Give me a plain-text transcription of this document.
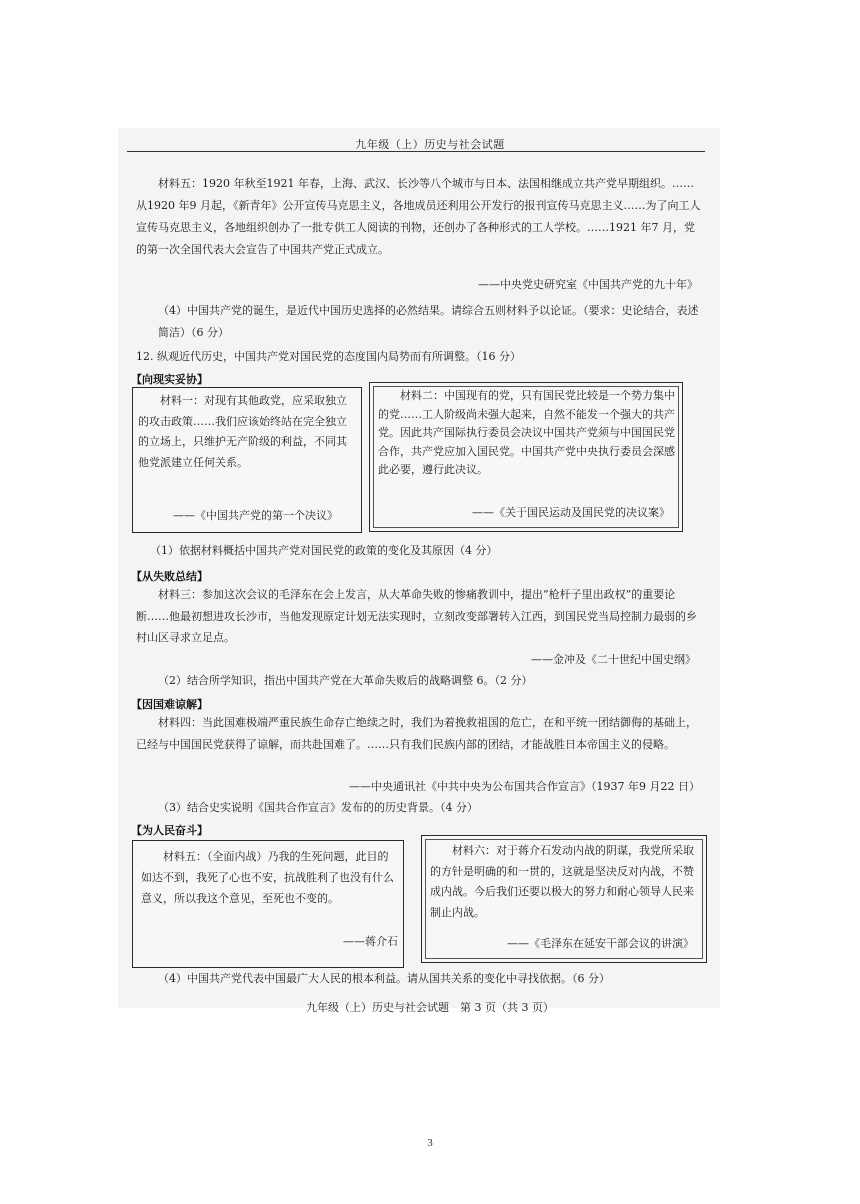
九年级（上）历史与社会试题

材料五：1920 年秋至1921 年春，上海、武汉、长沙等八个城市与日本、法国相继成立共产党早期组织。……从1920 年9 月起，《新青年》公开宣传马克思主义，各地成员还利用公开发行的报刊宣传马克思主义……为了向工人宣传马克思主义，各地组织创办了一批专供工人阅读的刊物，还创办了各种形式的工人学校。……1921 年7 月，党的第一次全国代表大会宣告了中国共产党正式成立。

——中央党史研究室《中国共产党的九十年》

（4）中国共产党的诞生，是近代中国历史选择的必然结果。请综合五则材料予以论证。（要求：史论结合，表述简洁）（6 分）

12. 纵观近代历史，中国共产党对国民党的态度国内局势而有所调整。（16 分）

【向现实妥协】

材料一：对现有其他政党，应采取独立的攻击政策……我们应该始终站在完全独立的立场上，只维护无产阶级的利益，不同其他党派建立任何关系。

——《中国共产党的第一个决议》

材料二：中国现有的党，只有国民党比较是一个势力集中的党……工人阶级尚未强大起来，自然不能发一个强大的共产党。因此共产国际执行委员会决议中国共产党须与中国国民党合作，共产党应加入国民党。中国共产党中央执行委员会深感此必要，遵行此决议。

——《关于国民运动及国民党的决议案》

（1）依据材料概括中国共产党对国民党的政策的变化及其原因（4 分）

【从失败总结】

材料三：参加这次会议的毛泽东在会上发言，从大革命失败的惨痛教训中，提出“枪杆子里出政权”的重要论断……他最初想进攻长沙市，当他发现原定计划无法实现时，立刻改变部署转入江西，到国民党当局控制力最弱的乡村山区寻求立足点。

——金冲及《二十世纪中国史纲》

（2）结合所学知识，指出中国共产党在大革命失败后的战略调整 6。（2 分）

【因国难谅解】

材料四：当此国难极端严重民族生命存亡绝续之时，我们为着挽救祖国的危亡，在和平统一团结御侮的基础上，已经与中国国民党获得了谅解，而共赴国难了。……只有我们民族内部的团结，才能战胜日本帝国主义的侵略。

——中央通讯社《中共中央为公布国共合作宣言》（1937 年9 月22 日）

（3）结合史实说明《国共合作宣言》发布的的历史背景。（4 分）

【为人民奋斗】

材料五：（全面内战）乃我的生死问题，此目的如达不到，我死了心也不安，抗战胜利了也没有什么意义，所以我这个意见，至死也不变的。

——蒋介石

材料六：对于蒋介石发动内战的阴谋，我党所采取的方针是明确的和一贯的，这就是坚决反对内战，不赞成内战。今后我们还要以极大的努力和耐心领导人民来制止内战。

——《毛泽东在延安干部会议的讲演》

（4）中国共产党代表中国最广大人民的根本利益。请从国共关系的变化中寻找依据。（6 分）

九年级（上）历史与社会试题　第 3 页（共 3 页）
3
